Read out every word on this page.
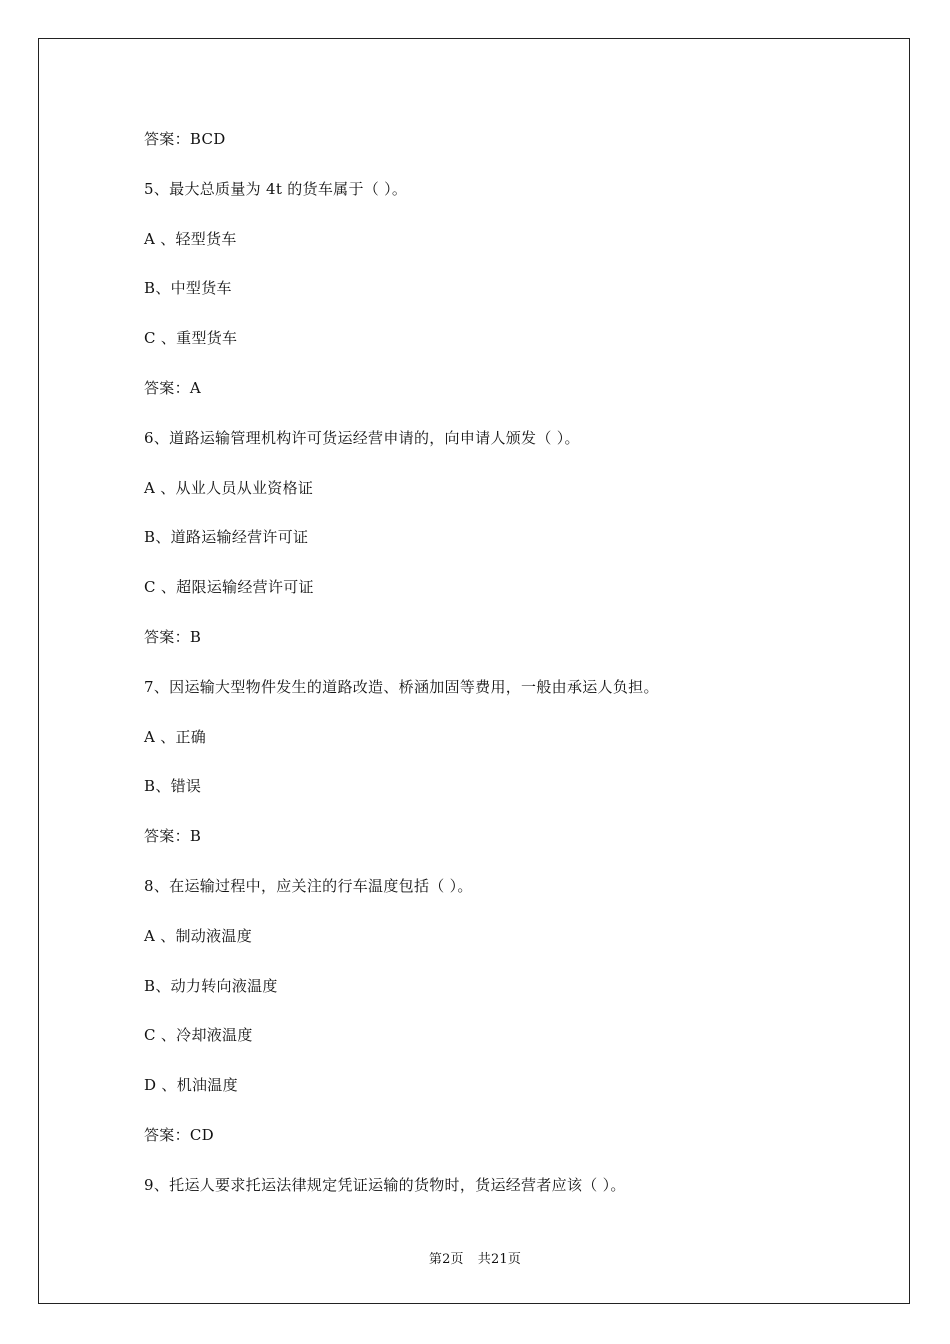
答案：BCD
5、最大总质量为 4t 的货车属于（ ）。
A 、轻型货车
B、中型货车
C 、重型货车
答案：A
6、道路运输管理机构许可货运经营申请的，向申请人颁发（ ）。
A 、从业人员从业资格证
B、道路运输经营许可证
C 、超限运输经营许可证
答案：B
7、因运输大型物件发生的道路改造、桥涵加固等费用，一般由承运人负担。
A 、正确
B、错误
答案：B
8、在运输过程中，应关注的行车温度包括（ ）。
A 、制动液温度
B、动力转向液温度
C 、冷却液温度
D 、机油温度
答案：CD
9、托运人要求托运法律规定凭证运输的货物时，货运经营者应该（ ）。
第2页 共21页
